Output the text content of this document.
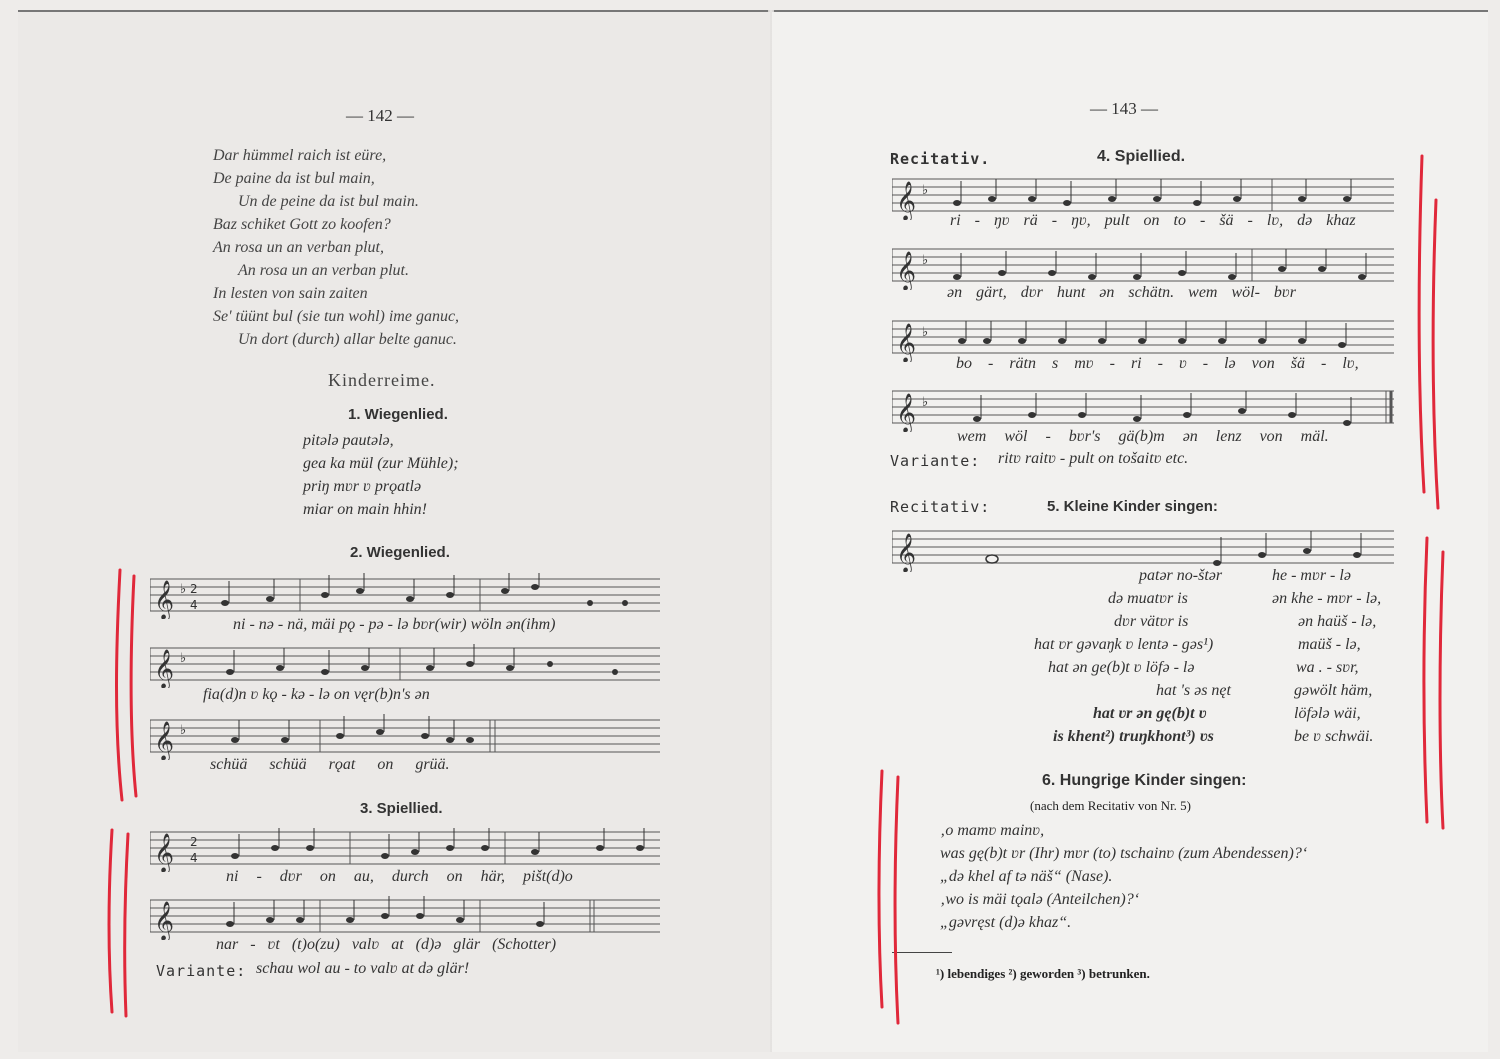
— 142 —
Dar hümmel raich ist eüre,
De paine da ist bul main,
Un de peine da ist bul main.
Baz schiket Gott zo koofen?
An rosa un an verban plut,
An rosa un an verban plut.
In lesten von sain zaiten
Se' tüünt bul (sie tun wohl) ime ganuc,
Un dort (durch) allar belte ganuc.
Kinderreime.
1. Wiegenlied.
pitələ pautələ,
gea ka mül (zur Mühle);
priŋ mʋr ʋ prǫatlə
miar on main hhin!
2. Wiegenlied.
𝄞 ♭ 2
4
ni - nə - nä, mäi pǫ - pə - lə bʋr(wir) wöln ən(ihm)
𝄞 ♭
fia(d)n ʋ kǫ - kə - lə on vęr(b)n's ən
𝄞 ♭
schüä schüä rǫat on grüä.
3. Spiellied.
𝄞 2
4
ni - dʋr on au, durch on här, pišt(d)o
𝄞
nar - ʋt (t)o(zu) valʋ at (d)ə glär (Schotter)
Variante: schau wol au - to valʋ at də glär!
— 143 —
Recitativ.	4. Spiellied.
𝄞 ♭
ri - ŋʋ rä - ŋʋ, pult on to - šä - lʋ, də khaz
𝄞 ♭
ən gärt, dʋr hunt ən schätn. wem wöl- bʋr
𝄞 ♭
bo - rätn s mʋ - ri - ʋ - lə von šä - lʋ,
𝄞 ♭
wem wöl - bʋr's gä(b)m ən lenz von mäl.
Variante: ritʋ raitʋ - pult on tošaitʋ etc.
Recitativ:	5. Kleine Kinder singen:
𝄞
patər no-štər
də muatʋr is
dʋr vätʋr is
hat ʋr gəvaŋk ʋ lentə - gəs¹)
hat ən ge(b)t ʋ löfə - lə
hat 's əs nęt
hat ʋr ən gę(b)t ʋ
is khent²) truŋkhont³) ʋs
he - mʋr - lə
ən khe - mʋr - lə,
ən haüš - lə,
maüš - lə,
wa . - sʋr,
gəwölt häm,
löfələ wäi,
be ʋ schwäi.
6. Hungrige Kinder singen:
(nach dem Recitativ von Nr. 5)
‚o mamʋ mainʋ,
was gę(b)t ʋr (Ihr) mʋr (to) tschainʋ (zum Abendessen)?‘
„də khel af tə näš“ (Nase).
‚wo is mäi tǫalə (Anteilchen)?‘
„gəvręst (d)ə khaz“.
¹) lebendiges ²) geworden ³) betrunken.
